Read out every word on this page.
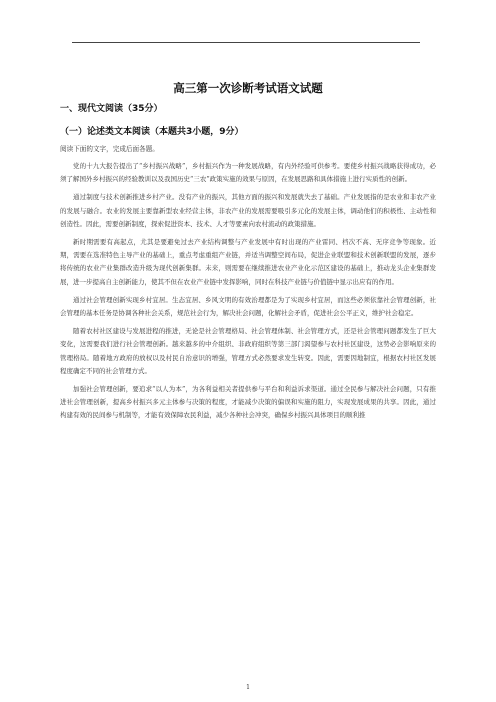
高三第一次诊断考试语文试题
一、现代文阅读（35分）
（一）论述类文本阅读（本题共3小题，9分）
阅读下面的文字，完成后面各题。

党的十九大报告提出了“乡村振兴战略”，乡村振兴作为一种发展战略，有内外经验可供参考。要使乡村振兴战略获得成功，必须了解国外乡村振兴的经验教训以及我国历史“三农”政策实施的效果与原因，在发展思路和具体措施上进行实质性的创新。

通过制度与技术创新推进乡村产业。没有产业的振兴，其他方面的振兴和发展就失去了基础。产业发展指的是农业和非农产业的发展与融合。农业的发展主要靠新型农业经营主体，非农产业的发展需要吸引多元化的发展主体，调动他们的积极性、主动性和创造性。因此，需要创新制度，探索促进资本、技术、人才等要素向农村流动的政策措施。

新时期需要有高起点，尤其是要避免过去产业结构调整与产业发展中有时出现的产业雷同、档次不高、无序竞争等现象。近期，需要在选准特色主导产业的基础上，重点考虑重组产业链，并适当调整空间布局，促进企业联盟和技术创新联盟的发展，逐步将传统的农业产业集群改造升级为现代创新集群。未来，则需要在继续推进农业产业化示范区建设的基础上，推动龙头企业集群发展，进一步提高自主创新能力，使其不但在农业产业链中发挥影响，同时在科技产业链与价值链中显示出应有的作用。

通过社会管理创新实现乡村宜居。生态宜居、乡风文明的有效治理都是为了实现乡村宜居，而这些必须依靠社会管理创新，社会管理的基本任务是协调各种社会关系，规范社会行为，解决社会问题，化解社会矛盾，促进社会公平正义，维护社会稳定。

随着农村社区建设与发展进程的推进，无论是社会管理格局、社会管理体制、社会管理方式，还是社会管理问题都发生了巨大变化，这需要我们进行社会管理创新。越来越多的中介组织、非政府组织等第三部门渴望参与农村社区建设，这势必会影响原来的管理格局。随着地方政府的放权以及村民自治意识的增强，管理方式必然要求发生转变。因此，需要因地制宜，根据农村社区发展程度确定不同的社会管理方式。

加强社会管理创新，要追求“以人为本”，为各利益相关者提供参与平台和利益诉求渠道。通过全民参与解决社会问题，只有推进社会管理创新，提高乡村振兴多元主体参与决策的程度，才能减少决策的偏误和实施的阻力，实现发展成果的共享。因此，通过构建有效的民间参与机制等，才能有效保障农民利益，减少各种社会冲突，确保乡村振兴具体项目的顺利推

1
